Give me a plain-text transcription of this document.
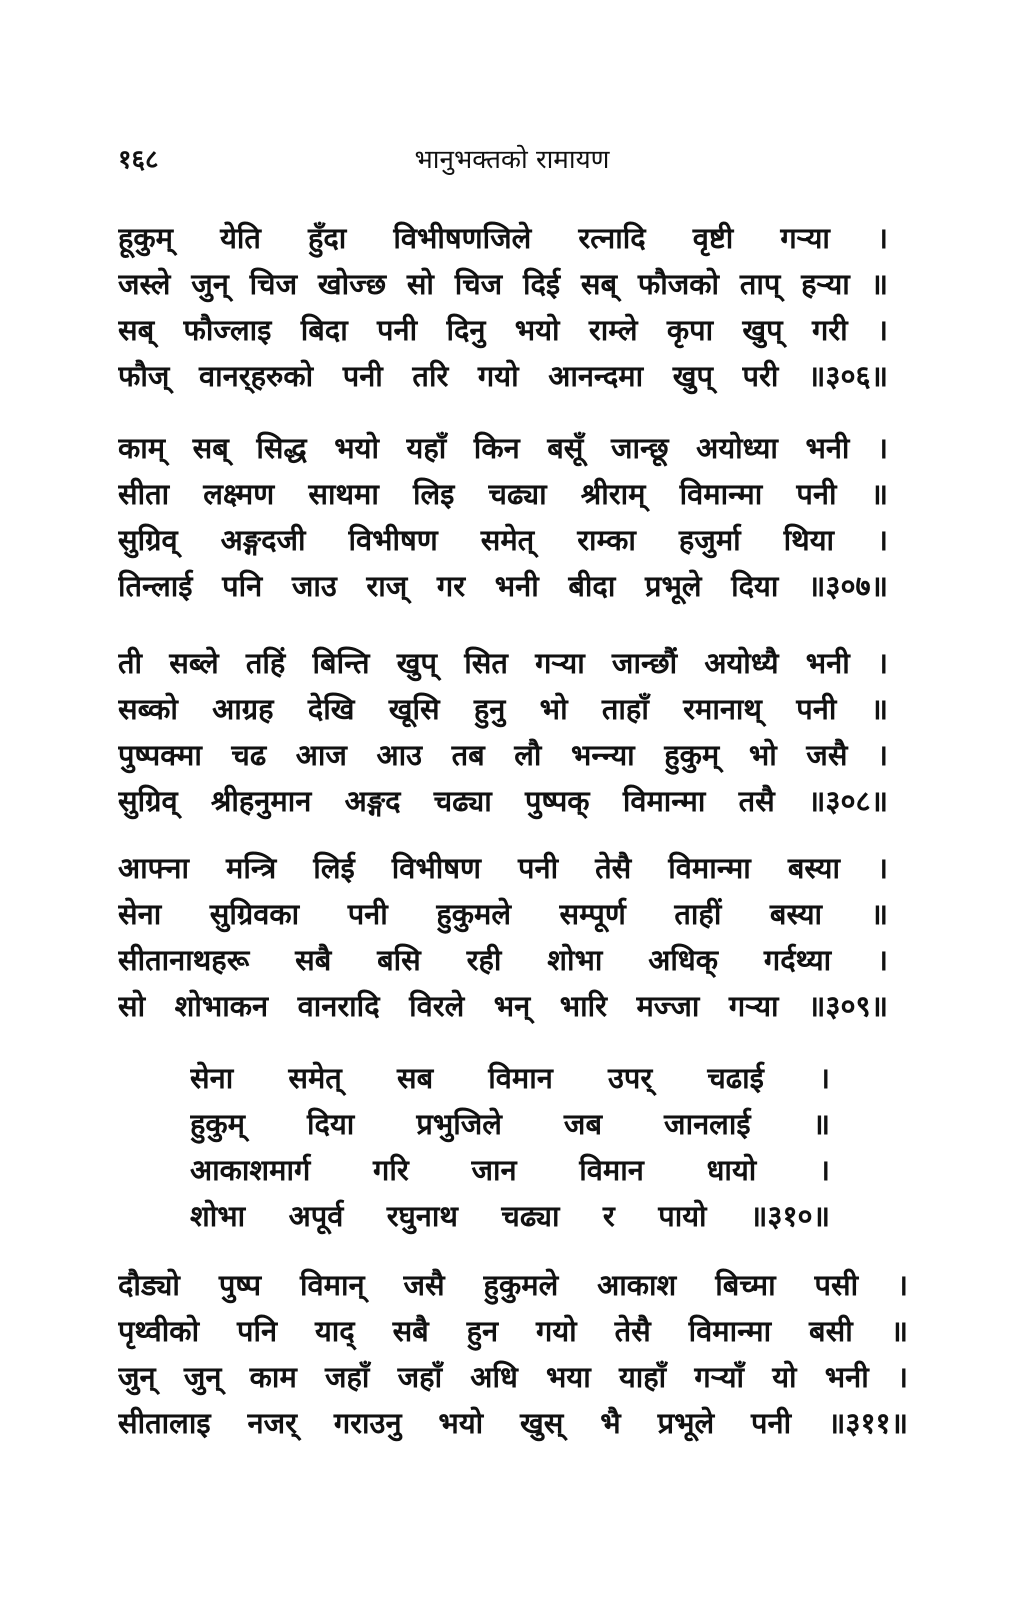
१६८	भानुभक्तको रामायण
हूकुम् येति हुँदा विभीषणजिले रत्नादि वृष्टी गर्‍या ।
जस्ले जुन् चिज खोज्छ सो चिज दिई सब् फौजको ताप् हर्‍या ॥
सब् फौज्लाइ बिदा पनी दिनु भयो राम्ले कृपा खुप् गरी ।
फौज् वानर्‌हरुको पनी तरि गयो आनन्दमा खुप् परी ॥३०६॥
काम् सब् सिद्ध भयो यहाँ किन बसूँ जान्छू अयोध्या भनी ।
सीता लक्ष्मण साथमा लिइ चढ्या श्रीराम् विमान्मा पनी ॥
सुग्रिव् अङ्गदजी विभीषण समेत् राम्का हजुर्मा थिया ।
तिन्लाई पनि जाउ राज् गर भनी बीदा प्रभूले दिया ॥३०७॥
ती सब्ले तहिं बिन्ति खुप् सित गर्‍या जान्छौं अयोध्यै भनी ।
सब्को आग्रह देखि खूसि हुनु भो ताहाँ रमानाथ् पनी ॥
पुष्पक्मा चढ आज आउ तब लौ भन्न्या हुकुम् भो जसै ।
सुग्रिव् श्रीहनुमान अङ्गद चढ्या पुष्पक् विमान्मा तसै ॥३०८॥
आफ्ना मन्त्रि लिई विभीषण पनी तेसै विमान्मा बस्या ।
सेना सुग्रिवका पनी हुकुमले सम्पूर्ण ताहीं बस्या ॥
सीतानाथहरू सबै बसि रही शोभा अधिक् गर्दथ्या ।
सो शोभाकन वानरादि विरले भन् भारि मज्जा गर्‍या ॥३०९॥
सेना समेत् सब विमान उपर् चढाई ।
हुकुम् दिया प्रभुजिले जब जानलाई ॥
आकाशमार्ग गरि जान विमान धायो ।
शोभा अपूर्व रघुनाथ चढ्या र पायो ॥३१०॥
दौड्यो पुष्प विमान् जसै हुकुमले आकाश बिच्मा पसी ।
पृथ्वीको पनि याद् सबै हुन गयो तेसै विमान्मा बसी ॥
जुन् जुन् काम जहाँ जहाँ अधि भया याहाँ गर्‍याँ यो भनी ।
सीतालाइ नजर् गराउनु भयो खुस् भै प्रभूले पनी ॥३११॥
